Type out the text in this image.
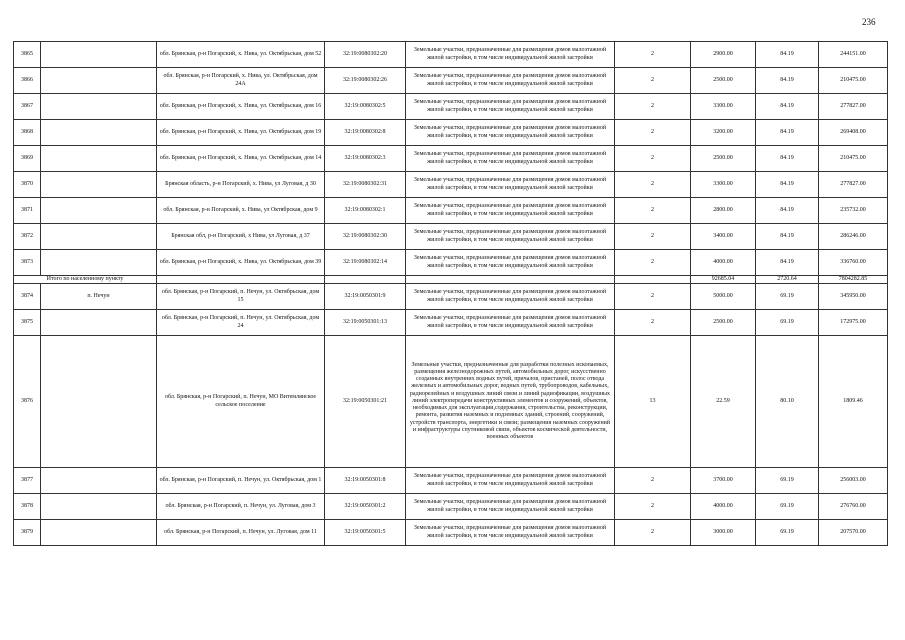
236
3865		обл. Брянская, р-н Погарский, х. Нива, ул. Октябрьская, дом 52	32:19:0080302:20	Земельные участки, предназначенные для размещения домов малоэтажной жилой застройки, в том числе индивидуальной жилой застройки	2	2900.00	84.19	244151.00
3866		обл. Брянская, р-н Погарский, х. Нива, ул. Октябрьская, дом 24А	32:19:0080302:26	Земельные участки, предназначенные для размещения домов малоэтажной жилой застройки, в том числе индивидуальной жилой застройки	2	2500.00	84.19	210475.00
3867		обл. Брянская, р-н Погарский, х. Нива, ул. Октябрьская, дом 16	32:19:0080302:5	Земельные участки, предназначенные для размещения домов малоэтажной жилой застройки, в том числе индивидуальной жилой застройки	2	3300.00	84.19	277827.00
3868		обл. Брянская, р-н Погарский, х. Нива, ул. Октябрьская, дом 19	32:19:0080302:8	Земельные участки, предназначенные для размещения домов малоэтажной жилой застройки, в том числе индивидуальной жилой застройки	2	3200.00	84.19	269408.00
3869		обл. Брянская, р-н Погарский, х. Нива, ул. Октябрьская, дом 14	32:19:0080302:3	Земельные участки, предназначенные для размещения домов малоэтажной жилой застройки, в том числе индивидуальной жилой застройки	2	2500.00	84.19	210475.00
3870		Брянская область, р-н Погарский, х. Нива, ул Луговая, д 30	32:19:0080302:31	Земельные участки, предназначенные для размещения домов малоэтажной жилой застройки, в том числе индивидуальной жилой застройки	2	3300.00	84.19	277827.00
3871		обл. Брянская, р-н Погарский, х. Нива, ул Октябрская, дом 9	32:19:0080302:1	Земельные участки, предназначенные для размещения домов малоэтажной жилой застройки, в том числе индивидуальной жилой застройки	2	2800.00	84.19	235732.00
3872		Брянская обл, р-н Погарский, х Нива, ул Луговая, д 37	32:19:0080302:30	Земельные участки, предназначенные для размещения домов малоэтажной жилой застройки, в том числе индивидуальной жилой застройки	2	3400.00	84.19	286246.00
3873		обл. Брянская, р-н Погарский, х. Нива, ул. Октябрьская, дом 39	32:19:0080302:14	Земельные участки, предназначенные для размещения домов малоэтажной жилой застройки, в том числе индивидуальной жилой застройки	2	4000.00	84.19	336760.00
Итого по населенному пункту						92685.04	2720.64	7804282.85
3874	п. Нечун	обл. Брянская, р-н Погарский, п. Нечун, ул. Октябрьская, дом 15	32:19:0050301:9	Земельные участки, предназначенные для размещения домов малоэтажной жилой застройки, в том числе индивидуальной жилой застройки	2	5000.00	69.19	345950.00
3875		обл. Брянская, р-н Погарский, п. Нечун, ул. Октябрьская, дом 24	32:19:0050301:13	Земельные участки, предназначенные для размещения домов малоэтажной жилой застройки, в том числе индивидуальной жилой застройки	2	2500.00	69.19	172975.00
3876		обл. Брянская, р-н Погарский, п. Нечун, МО Витемлянское сельское поселение	32:19:0050301:21	Земельные участки, предназначенные для разработки полезных ископаемых, размещения железнодорожных путей, автомобильных дорог, искусственно созданных внутренних водных путей, причалов, пристаней, полос отвода железных и автомобильных дорог, водных путей, трубопроводов, кабельных, радиорелейных и воздушных линий связи и линий радиофикации, воздушных линий электропередачи конструктивных элементов и сооружений, объектов, необходимых для эксплуатации,содержания, строительства, реконструкции, ремонта, развития наземных и подземных зданий, строений, сооружений, устройств транспорта, энергетики и связи; размещения наземных сооружений и инфраструктуры спутниковой связи, объектов космической деятельности, военных объектов	13	22.59	80.10	1809.46
3877		обл. Брянская, р-н Погарский, п. Нечун, ул. Октябрьская, дом 1	32:19:0050301:8	Земельные участки, предназначенные для размещения домов малоэтажной жилой застройки, в том числе индивидуальной жилой застройки	2	3700.00	69.19	256003.00
3878		обл. Брянская, р-н Погарский, п. Нечун, ул. Луговая, дом 3	32:19:0050301:2	Земельные участки, предназначенные для размещения домов малоэтажной жилой застройки, в том числе индивидуальной жилой застройки	2	4000.00	69.19	276760.00
3879		обл. Брянская, р-н Погарский, п. Нечун, ул. Луговая, дом 11	32:19:0050301:5	Земельные участки, предназначенные для размещения домов малоэтажной жилой застройки, в том числе индивидуальной жилой застройки	2	3000.00	69.19	207570.00
